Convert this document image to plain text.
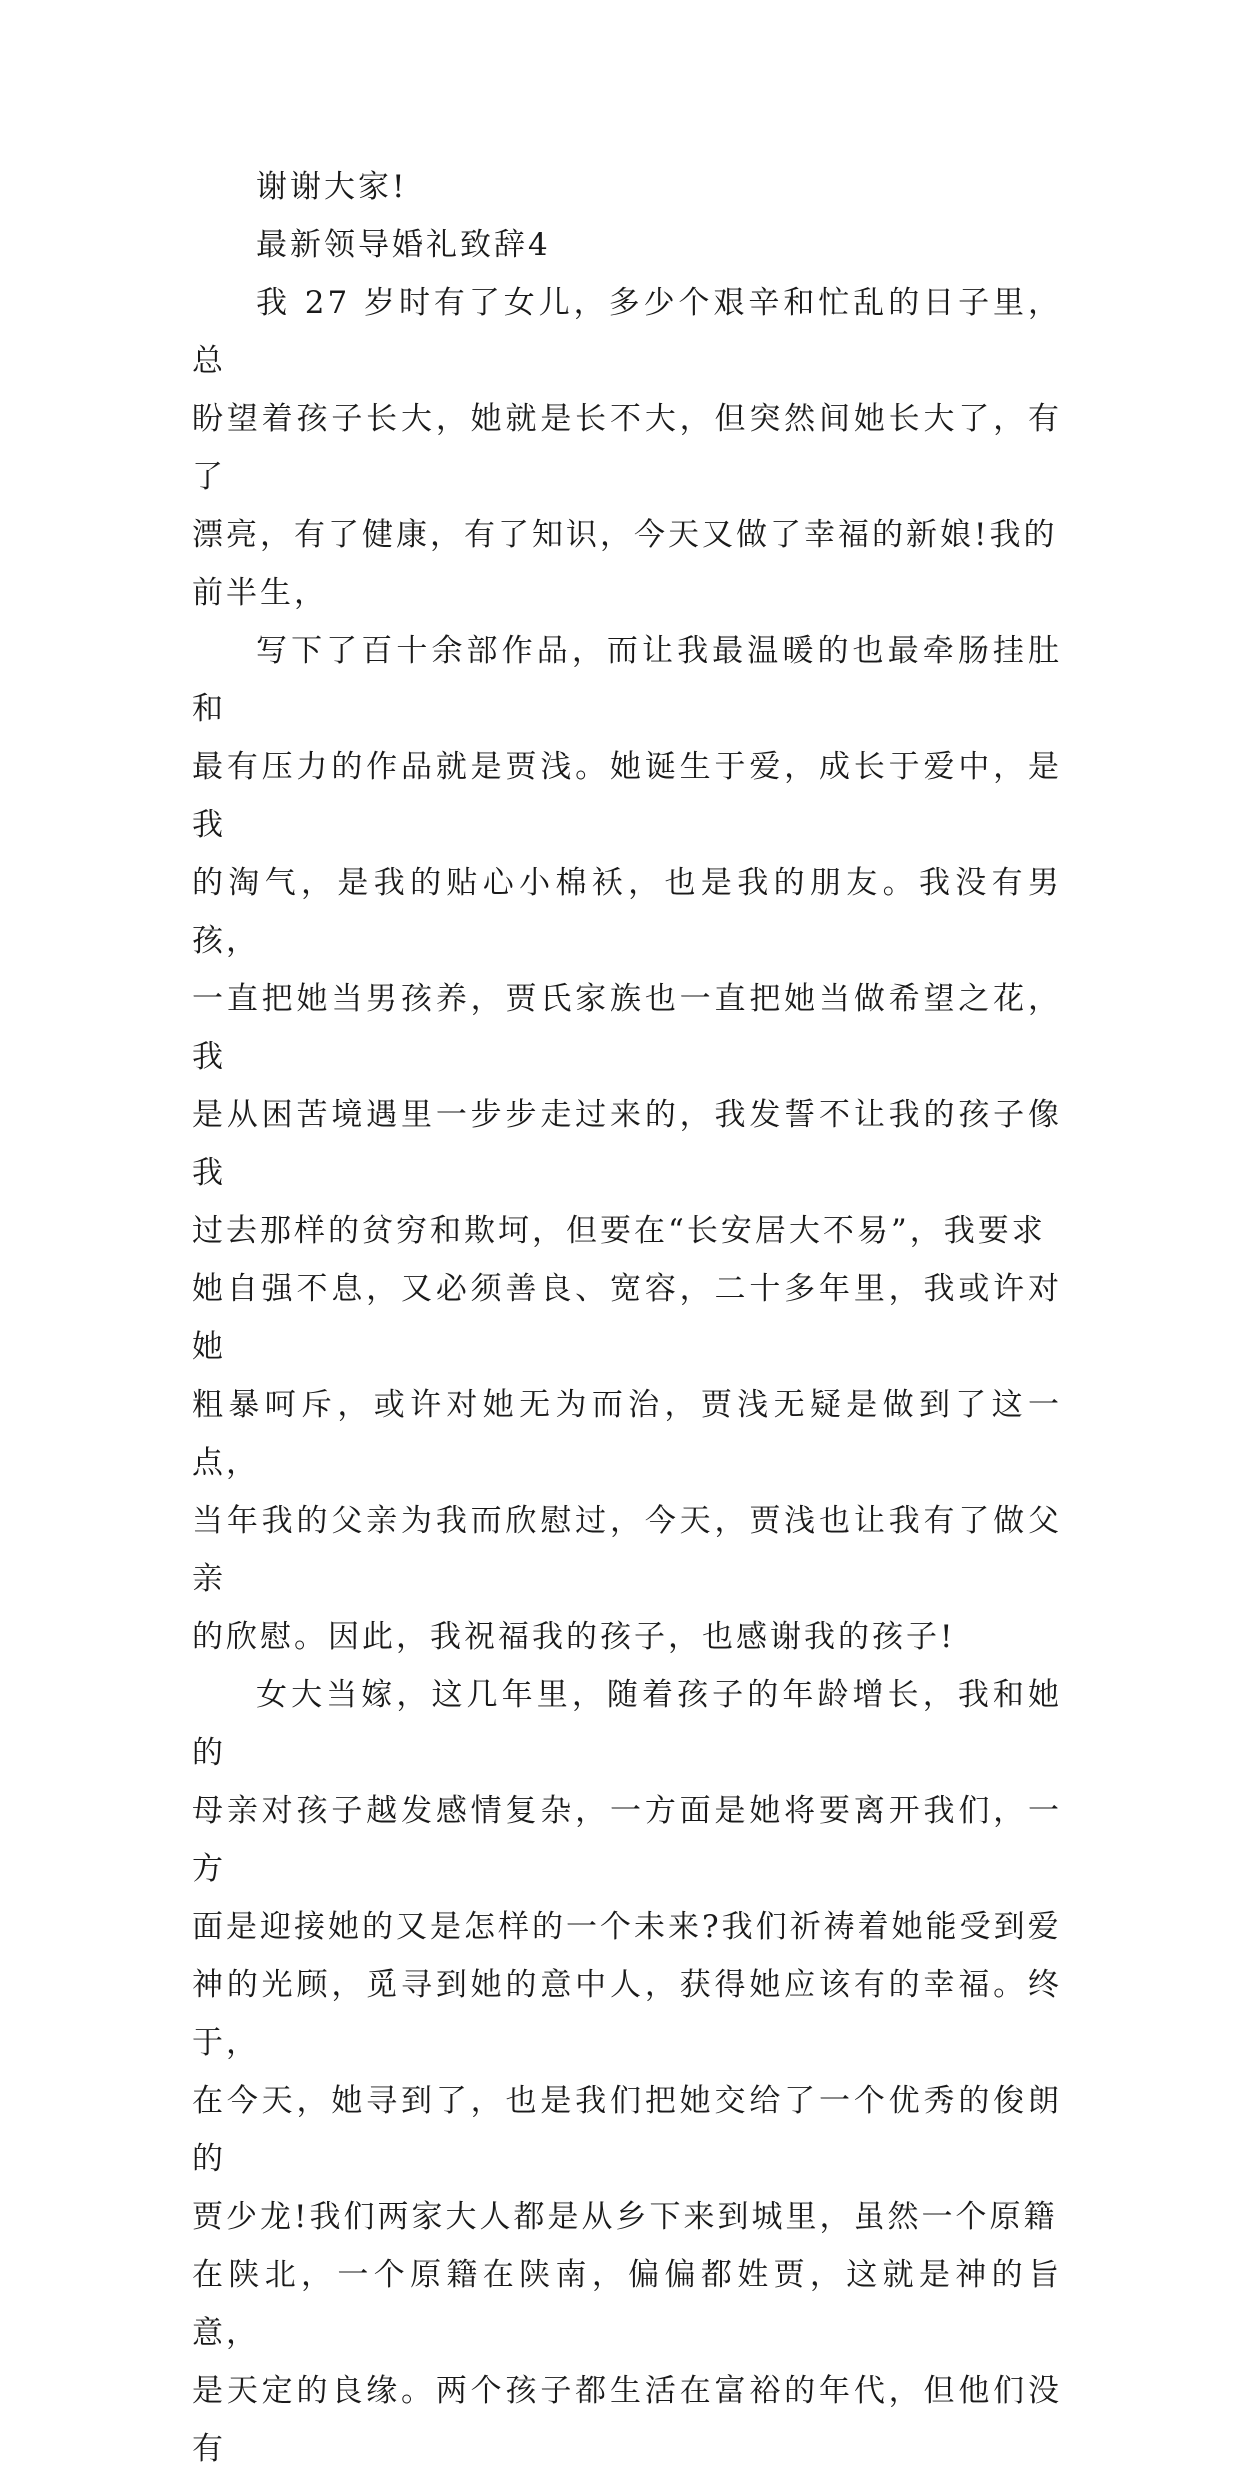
谢谢大家!

最新领导婚礼致辞4

我 27 岁时有了女儿，多少个艰辛和忙乱的日子里，总
盼望着孩子长大，她就是长不大，但突然间她长大了，有了
漂亮，有了健康，有了知识，今天又做了幸福的新娘!我的
前半生，

写下了百十余部作品，而让我最温暖的也最牵肠挂肚和
最有压力的作品就是贾浅。她诞生于爱，成长于爱中，是我
的淘气，是我的贴心小棉袄，也是我的朋友。我没有男孩，
一直把她当男孩养，贾氏家族也一直把她当做希望之花，我
是从困苦境遇里一步步走过来的，我发誓不让我的孩子像我
过去那样的贫穷和欺坷，但要在“长安居大不易”，我要求
她自强不息，又必须善良、宽容，二十多年里，我或许对她
粗暴呵斥，或许对她无为而治，贾浅无疑是做到了这一点，
当年我的父亲为我而欣慰过，今天，贾浅也让我有了做父亲
的欣慰。因此，我祝福我的孩子，也感谢我的孩子!

女大当嫁，这几年里，随着孩子的年龄增长，我和她的
母亲对孩子越发感情复杂，一方面是她将要离开我们，一方
面是迎接她的又是怎样的一个未来?我们祈祷着她能受到爱
神的光顾，觅寻到她的意中人，获得她应该有的幸福。终于，
在今天，她寻到了，也是我们把她交给了一个优秀的俊朗的
贾少龙!我们两家大人都是从乡下来到城里，虽然一个原籍
在陕北，一个原籍在陕南，偏偏都姓贾，这就是神的旨意，
是天定的良缘。两个孩子都生活在富裕的年代，但他们没有
